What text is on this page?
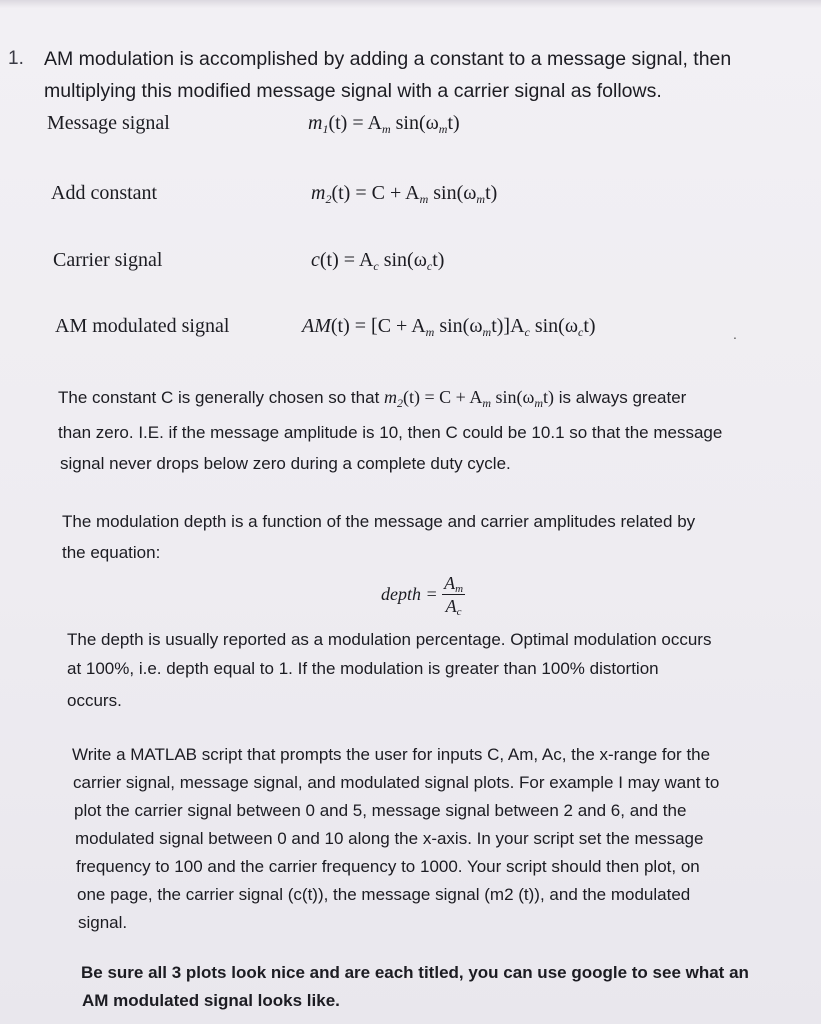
1. AM modulation is accomplished by adding a constant to a message signal, then
multiplying this modified message signal with a carrier signal as follows.
Message signal	$m_1(t) = A_m$ $\sin(\omega_mt)$
Add constant	$m_2(t) = C + A_m$ $\sin(\omega_mt)$
Carrier signal	$c(t) = A_c$ $\sin(\omega_ct)$
AM modulated signal	$AM(t) = [C + A_m$ $\sin(\omega_mt)]A_c$ $\sin(\omega_ct)$	.
The constant C is generally chosen so that $m_2(t) = C + A_m$ $\sin(\omega_mt)$ is always greater
than zero. I.E. if the message amplitude is 10, then C could be 10.1 so that the message
signal never drops below zero during a complete duty cycle.
The modulation depth is a function of the message and carrier amplitudes related by
the equation:
depth = $\frac{A_m}{A_c}$
The depth is usually reported as a modulation percentage. Optimal modulation occurs
at 100%, i.e. depth equal to 1. If the modulation is greater than 100% distortion
occurs.
Write a MATLAB script that prompts the user for inputs C, Am, Ac, the x-range for the
carrier signal, message signal, and modulated signal plots. For example I may want to
plot the carrier signal between 0 and 5, message signal between 2 and 6, and the
modulated signal between 0 and 10 along the x-axis. In your script set the message
frequency to 100 and the carrier frequency to 1000. Your script should then plot, on
one page, the carrier signal (c(t)), the message signal (m2 (t)), and the modulated
signal.
Be sure all 3 plots look nice and are each titled, you can use google to see what an
AM modulated signal looks like.
